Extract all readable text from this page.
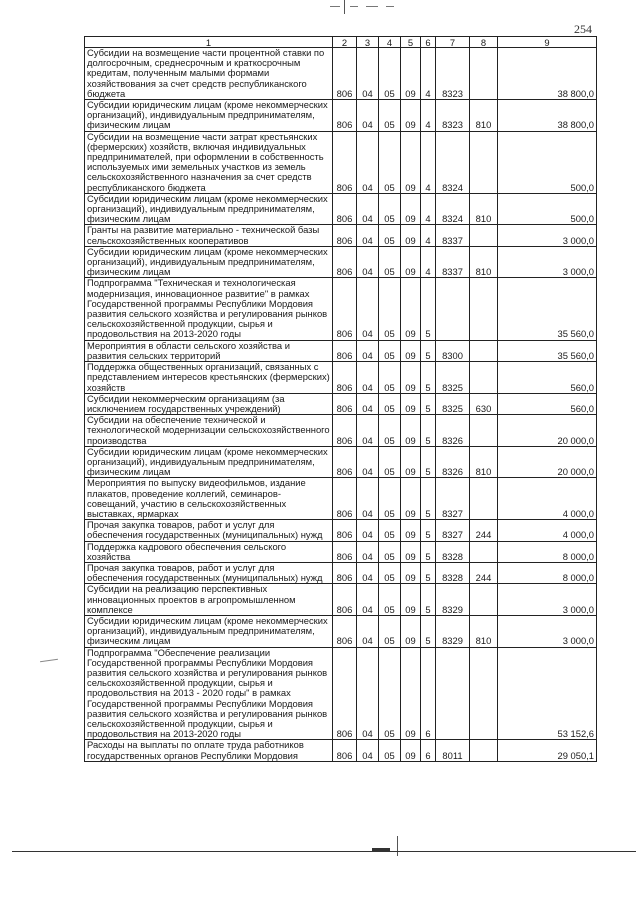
254
1	2	3	4	5	6	7	8	9
Субсидии на возмещение части процентной ставки по долгосрочным, среднесрочным и краткосрочным кредитам, полученным малыми формами хозяйствования за счет средств республиканского бюджета	806	04	05	09	4	8323		38 800,0
Субсидии юридическим лицам (кроме некоммерческих организаций), индивидуальным предпринимателям, физическим лицам	806	04	05	09	4	8323	810	38 800,0
Субсидии на возмещение части затрат крестьянских (фермерских) хозяйств, включая индивидуальных предпринимателей, при оформлении в собственность используемых ими земельных участков из земель сельскохозяйственного назначения за счет средств республиканского бюджета	806	04	05	09	4	8324		500,0
Субсидии юридическим лицам (кроме некоммерческих организаций), индивидуальным предпринимателям, физическим лицам	806	04	05	09	4	8324	810	500,0
Гранты на развитие материально - технической базы сельскохозяйственных кооперативов	806	04	05	09	4	8337		3 000,0
Субсидии юридическим лицам (кроме некоммерческих организаций), индивидуальным предпринимателям, физическим лицам	806	04	05	09	4	8337	810	3 000,0
Подпрограмма "Техническая и технологическая модернизация, инновационное развитие" в рамках Государственной программы Республики Мордовия развития сельского хозяйства и регулирования рынков сельскохозяйственной продукции, сырья и продовольствия на 2013-2020 годы	806	04	05	09	5			35 560,0
Мероприятия в области сельского хозяйства и развития сельских территорий	806	04	05	09	5	8300		35 560,0
Поддержка общественных организаций, связанных с представлением интересов крестьянских (фермерских) хозяйств	806	04	05	09	5	8325		560,0
Субсидии некоммерческим организациям (за исключением государственных учреждений)	806	04	05	09	5	8325	630	560,0
Субсидии на обеспечение технической и технологической модернизации сельскохозяйственного производства	806	04	05	09	5	8326		20 000,0
Субсидии юридическим лицам (кроме некоммерческих организаций), индивидуальным предпринимателям, физическим лицам	806	04	05	09	5	8326	810	20 000,0
Мероприятия по выпуску видеофильмов, издание плакатов, проведение коллегий, семинаров-совещаний, участию в сельскохозяйственных выставках, ярмарках	806	04	05	09	5	8327		4 000,0
Прочая закупка товаров, работ и услуг для обеспечения государственных (муниципальных) нужд	806	04	05	09	5	8327	244	4 000,0
Поддержка кадрового обеспечения сельского хозяйства	806	04	05	09	5	8328		8 000,0
Прочая закупка товаров, работ и услуг для обеспечения государственных (муниципальных) нужд	806	04	05	09	5	8328	244	8 000,0
Субсидии на реализацию перспективных инновационных проектов в агропромышленном комплексе	806	04	05	09	5	8329		3 000,0
Субсидии юридическим лицам (кроме некоммерческих организаций), индивидуальным предпринимателям, физическим лицам	806	04	05	09	5	8329	810	3 000,0
Подпрограмма "Обеспечение реализации Государственной программы Республики Мордовия развития сельского хозяйства и регулирования рынков сельскохозяйственной продукции, сырья и продовольствия на 2013 - 2020 годы" в рамках Государственной программы Республики Мордовия развития сельского хозяйства и регулирования рынков сельскохозяйственной продукции, сырья и продовольствия на 2013-2020 годы	806	04	05	09	6			53 152,6
Расходы на выплаты по оплате труда работников государственных органов Республики Мордовия	806	04	05	09	6	8011		29 050,1
